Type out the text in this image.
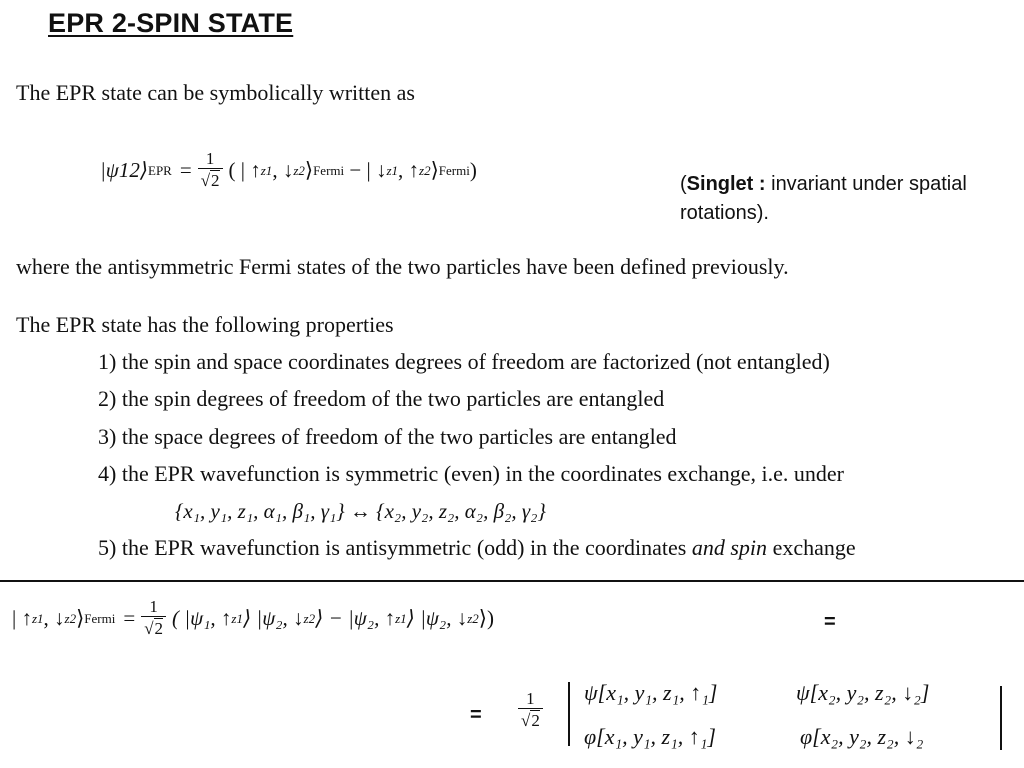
EPR 2-SPIN STATE
The EPR state can be symbolically written as
|ψ12⟩ EPR = $\frac{1}{√2}$ ( | ↑ z1 , ↓ z2 ⟩ Fermi − | ↓ z1 , ↑ z2 ⟩ Fermi )
(Singlet : invariant under spatial rotations).
where the antisymmetric Fermi states of the two particles have been defined previously.
The EPR state has the following properties
1) the spin and space coordinates degrees of freedom are factorized (not entangled)
2) the spin degrees of freedom of the two particles are entangled
3) the space degrees of freedom of the two particles are entangled
4) the EPR wavefunction is symmetric (even) in the coordinates exchange, i.e. under
{x₁, y₁, z₁, α₁, β₁, γ₁} ↔ {x₂, y₂, z₂, α₂, β₂, γ₂}
5) the EPR wavefunction is antisymmetric (odd) in the coordinates and spin exchange
| ↑ z1 , ↓ z2 ⟩ Fermi = $\frac{1}{√2}$ ( |ψ₁, ↑ z1 ⟩ |ψ₂, ↓ z2 ⟩ − |ψ₂, ↑ z1 ⟩ |ψ₂, ↓ z2 ⟩)	=
= $\frac{1}{√2} \psi[x_1$, y₁, z₁, ↑₁]	ψ[x₂, y₂, z₂, ↓₂]
φ[x₁, y₁, z₁, ↑₁]	φ[x₂, y₂, z₂, ↓₂
